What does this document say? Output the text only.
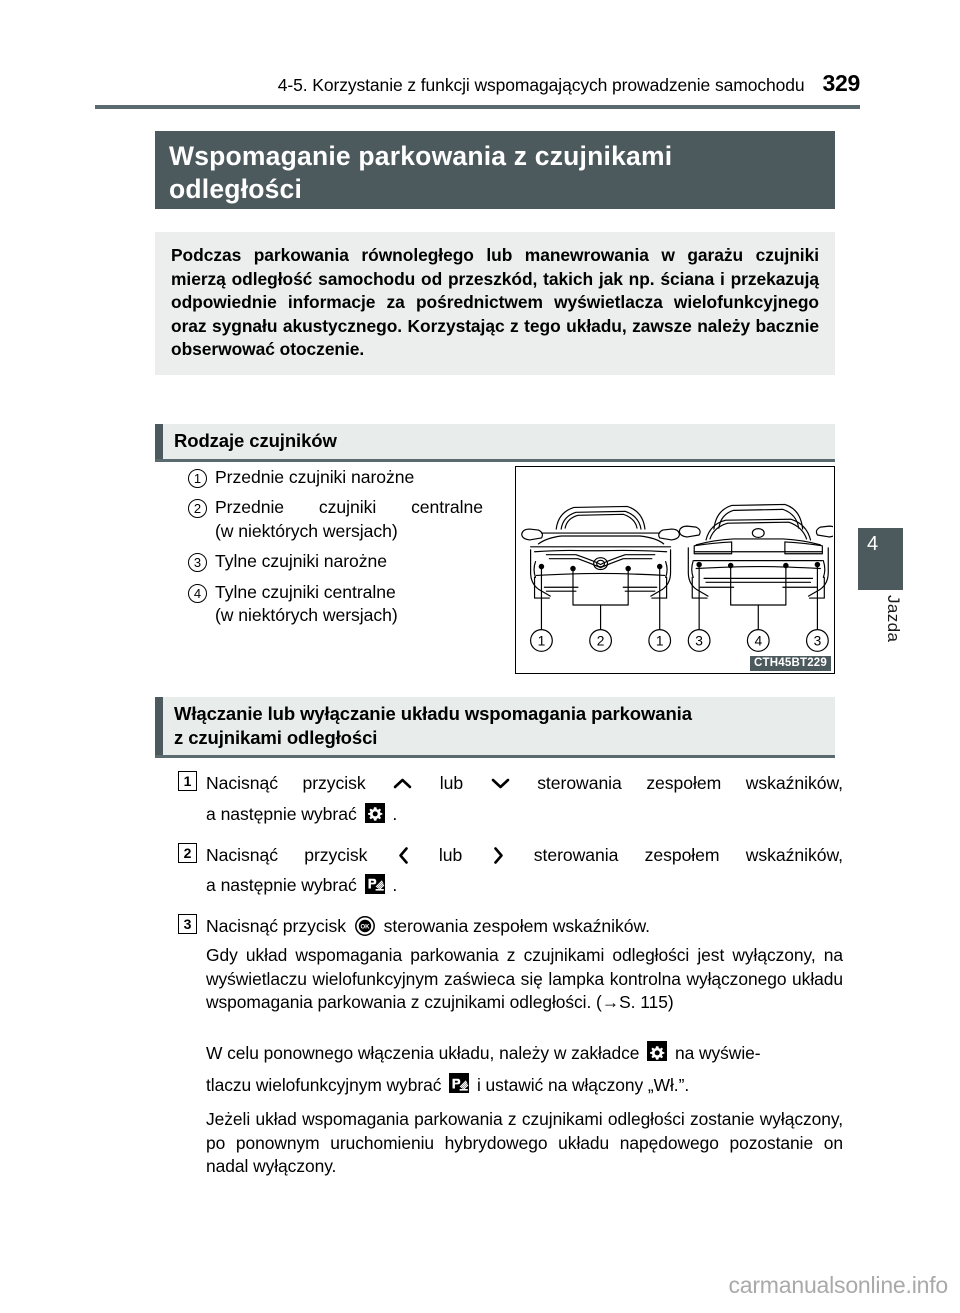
4-5. Korzystanie z funkcji wspomagających prowadzenie samochodu 329
4
Jazda
Wspomaganie parkowania z czujnikami
odległości

Podczas parkowania równoległego lub manewrowania w garażu czujniki mierzą odległość samochodu od przeszkód, takich jak np. ściana i przekazują odpowiednie informacje za pośrednictwem wyświetlacza wielofunkcyjnego oraz sygnału akustycznego. Korzystając z tego układu, zawsze należy bacznie obserwować otoczenie.

Rodzaje czujników
1 Przednie czujniki narożne
2 Przednie czujniki centralne
(w niektórych wersjach)
3 Tylne czujniki narożne
4 Tylne czujniki centralne
(w niektórych wersjach)
1	2	1 3	4	3
CTH45BT229
Włączanie lub wyłączanie układu wspomagania parkowania
z czujnikami odległości
1 Nacisnąć przycisk	lub	sterowania zespołem wskaźników,
a następnie wybrać .
2 Nacisnąć przycisk	lub	sterowania zespołem wskaźników,
a następnie wybrać .
3 Nacisnąć przycisk OK sterowania zespołem wskaźników.

Gdy układ wspomagania parkowania z czujnikami odległości jest wyłączony, na wyświetlaczu wielofunkcyjnym zaświeca się lampka kontrolna wyłączonego układu wspomagania parkowania z czujnikami odległości. (→S. 115)

W celu ponownego włączenia układu, należy w zakładce na wyświe-
tlaczu wielofunkcyjnym wybrać i ustawić na włączony „Wł.”.

Jeżeli układ wspomagania parkowania z czujnikami odległości zostanie wyłączony, po ponownym uruchomieniu hybrydowego układu napędowego pozostanie on nadal wyłączony.

carmanualsonline.info
